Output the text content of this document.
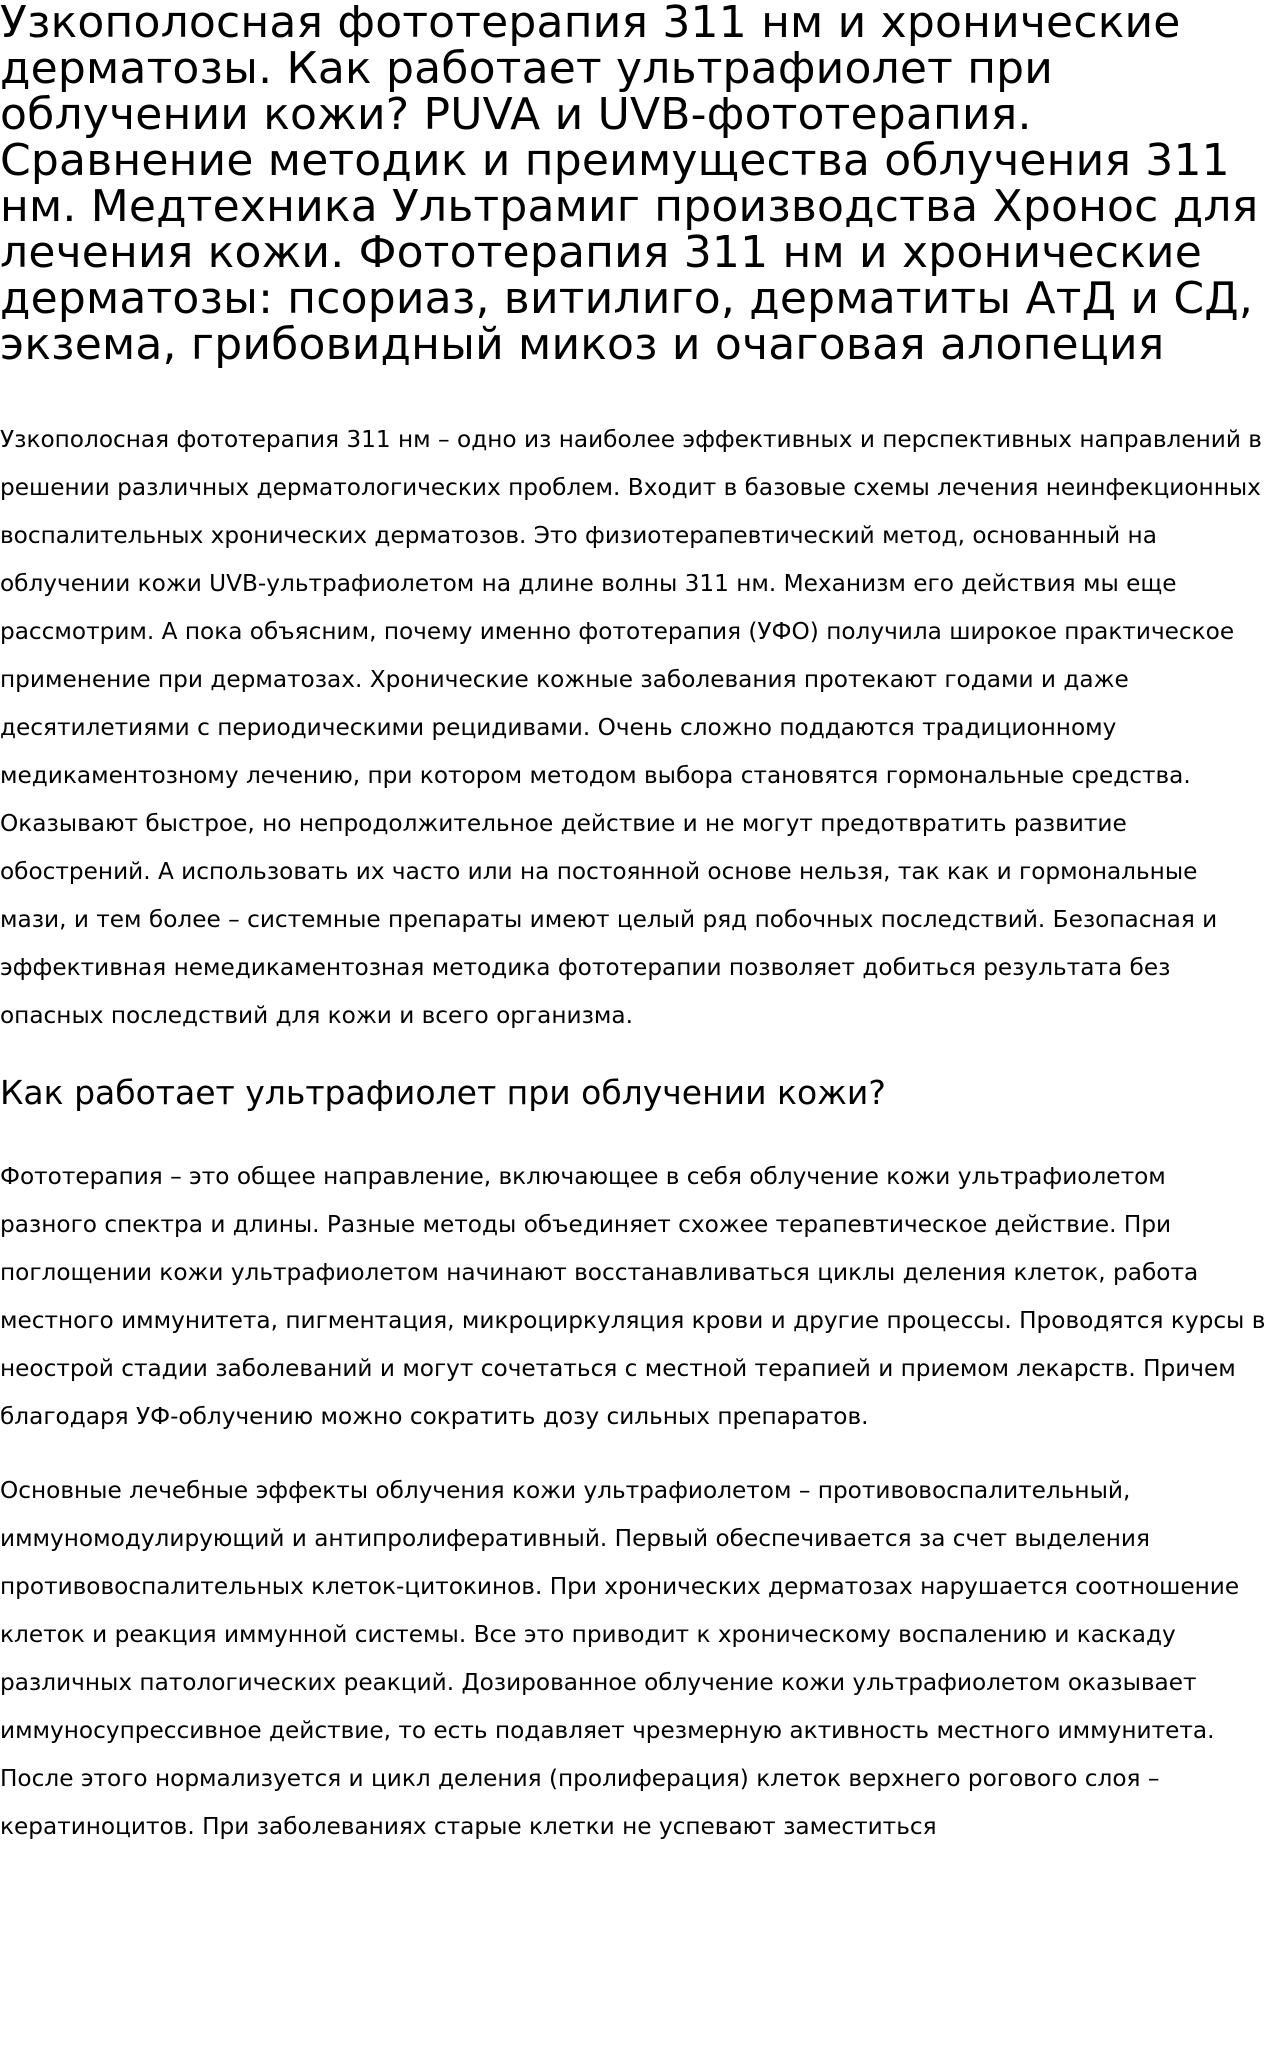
Узкополосная фототерапия 311 нм и хронические дерматозы. Как работает ультрафиолет при облучении кожи? PUVA и UVB-фототерапия. Сравнение методик и преимущества облучения 311 нм. Медтехника Ультрамиг производства Хронос для лечения кожи. Фототерапия 311 нм и хронические дерматозы: псориаз, витилиго, дерматиты АтД и СД, экзема, грибовидный микоз и очаговая алопеция

Узкополосная фототерапия 311 нм – одно из наиболее эффективных и перспективных направлений в решении различных дерматологических проблем. Входит в базовые схемы лечения неинфекционных воспалительных хронических дерматозов. Это физиотерапевтический метод, основанный на облучении кожи UVB-ультрафиолетом на длине волны 311 нм. Механизм его действия мы еще рассмотрим. А пока объясним, почему именно фототерапия (УФО) получила широкое практическое применение при дерматозах. Хронические кожные заболевания протекают годами и даже десятилетиями с периодическими рецидивами. Очень сложно поддаются традиционному медикаментозному лечению, при котором методом выбора становятся гормональные средства. Оказывают быстрое, но непродолжительное действие и не могут предотвратить развитие обострений. А использовать их часто или на постоянной основе нельзя, так как и гормональные мази, и тем более – системные препараты имеют целый ряд побочных последствий. Безопасная и эффективная немедикаментозная методика фототерапии позволяет добиться результата без опасных последствий для кожи и всего организма.

Как работает ультрафиолет при облучении кожи?

Фототерапия – это общее направление, включающее в себя облучение кожи ультрафиолетом разного спектра и длины. Разные методы объединяет схожее терапевтическое действие. При поглощении кожи ультрафиолетом начинают восстанавливаться циклы деления клеток, работа местного иммунитета, пигментация, микроциркуляция крови и другие процессы. Проводятся курсы в неострой стадии заболеваний и могут сочетаться с местной терапией и приемом лекарств. Причем благодаря УФ-облучению можно сократить дозу сильных препаратов.

Основные лечебные эффекты облучения кожи ультрафиолетом – противовоспалительный, иммуномодулирующий и антипролиферативный. Первый обеспечивается за счет выделения противовоспалительных клеток-цитокинов. При хронических дерматозах нарушается соотношение клеток и реакция иммунной системы. Все это приводит к хроническому воспалению и каскаду различных патологических реакций. Дозированное облучение кожи ультрафиолетом оказывает иммуносупрессивное действие, то есть подавляет чрезмерную активность местного иммунитета. После этого нормализуется и цикл деления (пролиферация) клеток верхнего рогового слоя – кератиноцитов. При заболеваниях старые клетки не успевают заместиться
